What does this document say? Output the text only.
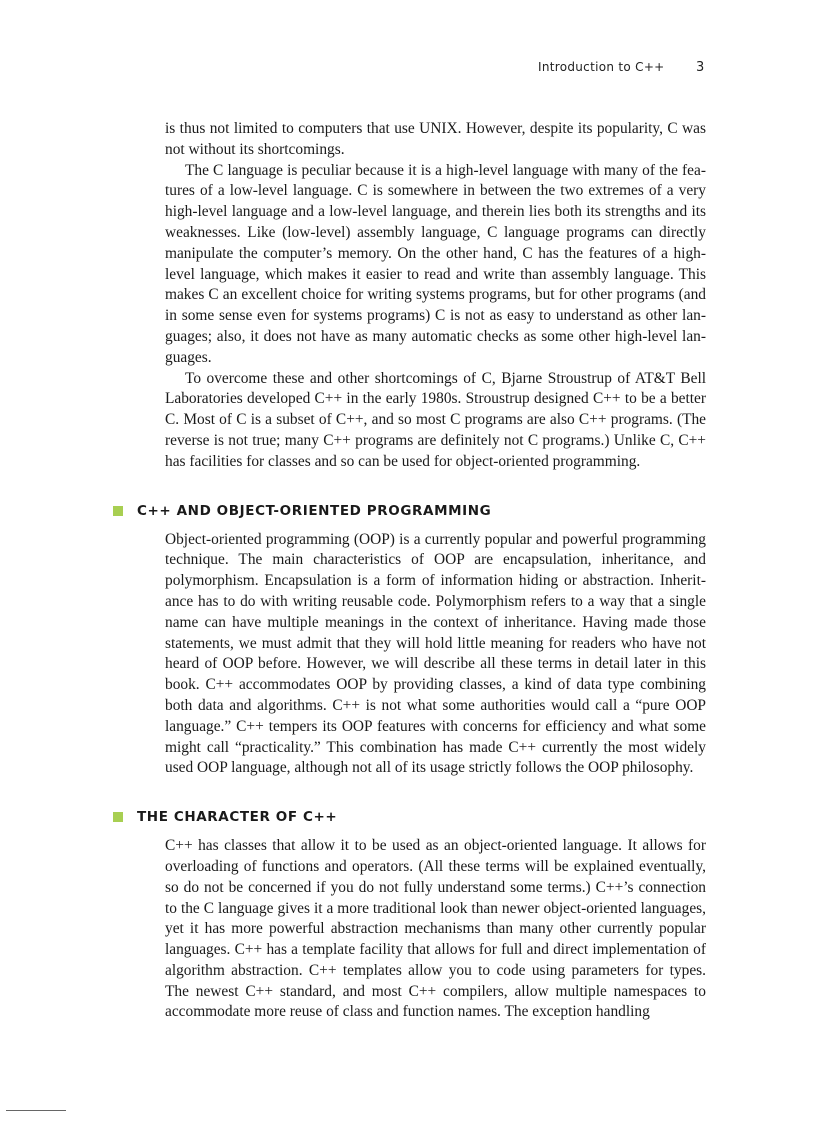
Introduction to C++ 3

is thus not limited to computers that use UNIX. However, despite its popularity, C was not without its shortcomings.

The C language is peculiar because it is a high-level language with many of the features of a low-level language. C is somewhere in between the two extremes of a very high-level language and a low-level language, and therein lies both its strengths and its weaknesses. Like (low-level) assembly language, C language programs can directly manipulate the computer’s memory. On the other hand, C has the features of a highlevel language, which makes it easier to read and write than assembly language. This makes C an excellent choice for writing systems programs, but for other programs (and in some sense even for systems programs) C is not as easy to understand as other languages; also, it does not have as many automatic checks as some other high-level languages.

To overcome these and other shortcomings of C, Bjarne Stroustrup of AT&T Bell Laboratories developed C++ in the early 1980s. Stroustrup designed C++ to be a better C. Most of C is a subset of C++, and so most C programs are also C++ programs. (The reverse is not true; many C++ programs are definitely not C programs.) Unlike C, C++ has facilities for classes and so can be used for object-oriented programming.

C++ AND OBJECT-ORIENTED PROGRAMMING

Object-oriented programming (OOP) is a currently popular and powerful programming technique. The main characteristics of OOP are encapsulation, inheritance, and polymorphism. Encapsulation is a form of information hiding or abstraction. Inheritance has to do with writing reusable code. Polymorphism refers to a way that a single name can have multiple meanings in the context of inheritance. Having made those statements, we must admit that they will hold little meaning for readers who have not heard of OOP before. However, we will describe all these terms in detail later in this book. C++ accommodates OOP by providing classes, a kind of data type combining both data and algorithms. C++ is not what some authorities would call a “pure OOP language.” C++ tempers its OOP features with concerns for efficiency and what some might call “practicality.” This combination has made C++ currently the most widely used OOP language, although not all of its usage strictly follows the OOP philosophy.

THE CHARACTER OF C++

C++ has classes that allow it to be used as an object-oriented language. It allows for overloading of functions and operators. (All these terms will be explained eventually, so do not be concerned if you do not fully understand some terms.) C++’s connection to the C language gives it a more traditional look than newer object-oriented languages, yet it has more powerful abstraction mechanisms than many other currently popular languages. C++ has a template facility that allows for full and direct implementation of algorithm abstraction. C++ templates allow you to code using parameters for types. The newest C++ standard, and most C++ compilers, allow multiple namespaces to accommodate more reuse of class and function names. The exception handling
